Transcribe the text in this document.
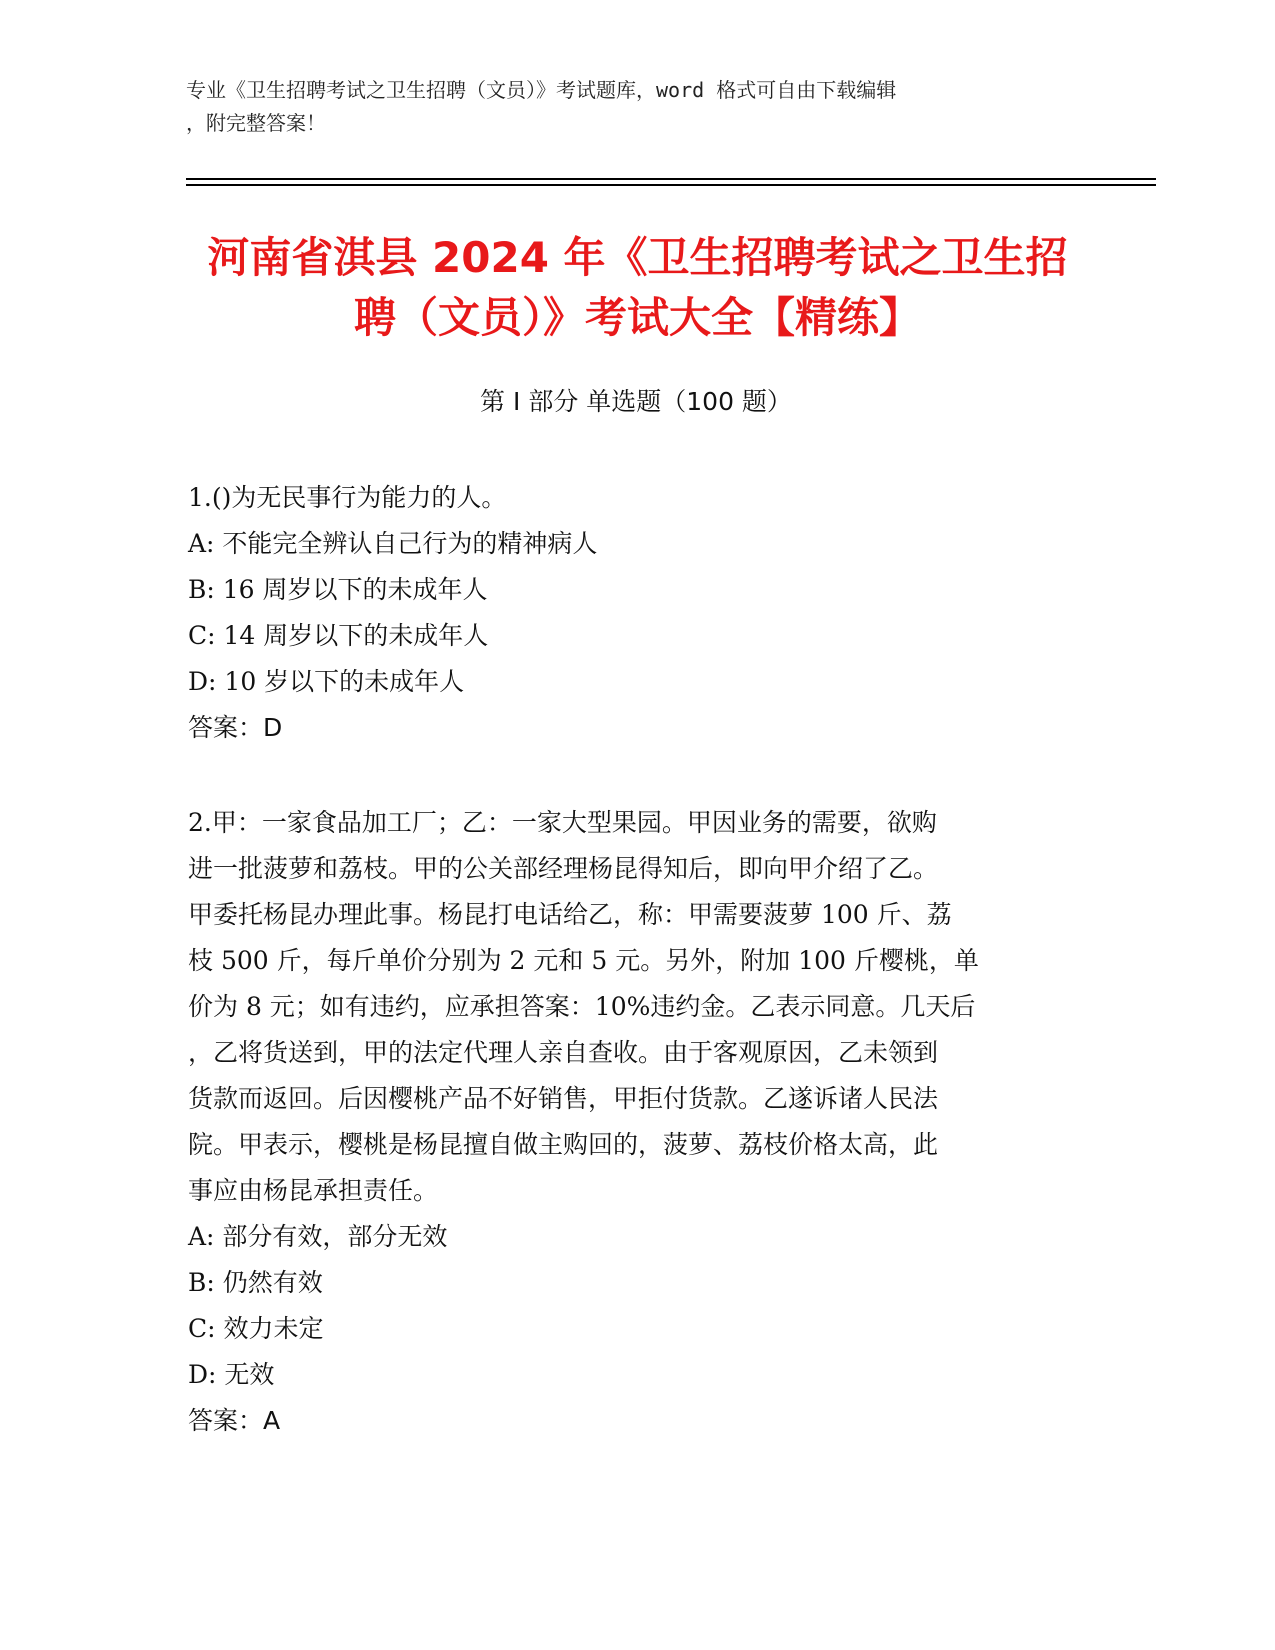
专业《卫生招聘考试之卫生招聘（文员）》考试题库，word 格式可自由下载编辑
，附完整答案！
河南省淇县 2024 年《卫生招聘考试之卫生招
聘（文员）》考试大全【精练】
第 I 部分 单选题（100 题）
1.()为无民事行为能力的人。
A: 不能完全辨认自己行为的精神病人
B: 16 周岁以下的未成年人
C: 14 周岁以下的未成年人
D: 10 岁以下的未成年人
答案：D
2.甲：一家食品加工厂；乙：一家大型果园。甲因业务的需要，欲购
进一批菠萝和荔枝。甲的公关部经理杨昆得知后，即向甲介绍了乙。
甲委托杨昆办理此事。杨昆打电话给乙，称：甲需要菠萝 100 斤、荔
枝 500 斤，每斤单价分别为 2 元和 5 元。另外，附加 100 斤樱桃，单
价为 8 元；如有违约，应承担答案：10%违约金。乙表示同意。几天后
，乙将货送到，甲的法定代理人亲自查收。由于客观原因，乙未领到
货款而返回。后因樱桃产品不好销售，甲拒付货款。乙遂诉诸人民法
院。甲表示，樱桃是杨昆擅自做主购回的，菠萝、荔枝价格太高，此
事应由杨昆承担责任。
A: 部分有效，部分无效
B: 仍然有效
C: 效力未定
D: 无效
答案：A
